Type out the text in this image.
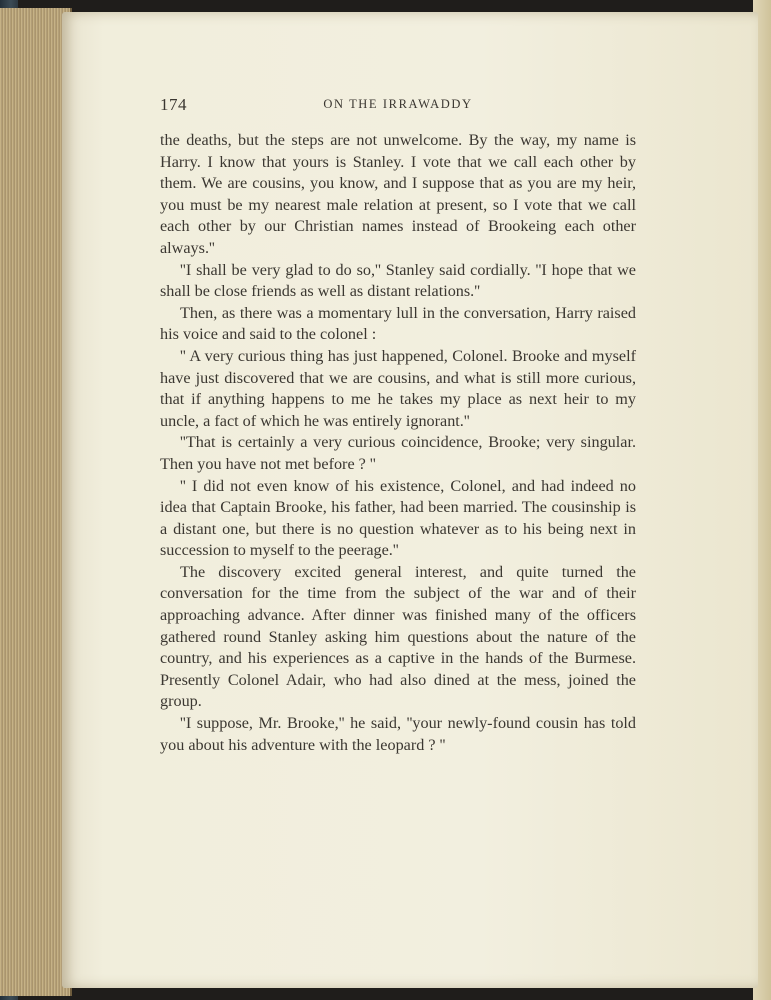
174	ON THE IRRAWADDY

the deaths, but the steps are not unwelcome. By the way, my name is Harry. I know that yours is Stanley. I vote that we call each other by them. We are cousins, you know, and I suppose that as you are my heir, you must be my nearest male relation at present, so I vote that we call each other by our Christian names instead of Brookeing each other always.''

''I shall be very glad to do so,'' Stanley said cordially. ''I hope that we shall be close friends as well as distant relations.''

Then, as there was a momentary lull in the conversation, Harry raised his voice and said to the colonel :

'' A very curious thing has just happened, Colonel. Brooke and myself have just discovered that we are cousins, and what is still more curious, that if anything happens to me he takes my place as next heir to my uncle, a fact of which he was entirely ignorant.''

''That is certainly a very curious coincidence, Brooke; very singular. Then you have not met before ? ''

'' I did not even know of his existence, Colonel, and had indeed no idea that Captain Brooke, his father, had been married. The cousinship is a distant one, but there is no question whatever as to his being next in succession to myself to the peerage.''

The discovery excited general interest, and quite turned the conversation for the time from the subject of the war and of their approaching advance. After dinner was finished many of the officers gathered round Stanley asking him questions about the nature of the country, and his experiences as a captive in the hands of the Burmese. Presently Colonel Adair, who had also dined at the mess, joined the group.

''I suppose, Mr. Brooke,'' he said, ''your newly-found cousin has told you about his adventure with the leopard ? ''
